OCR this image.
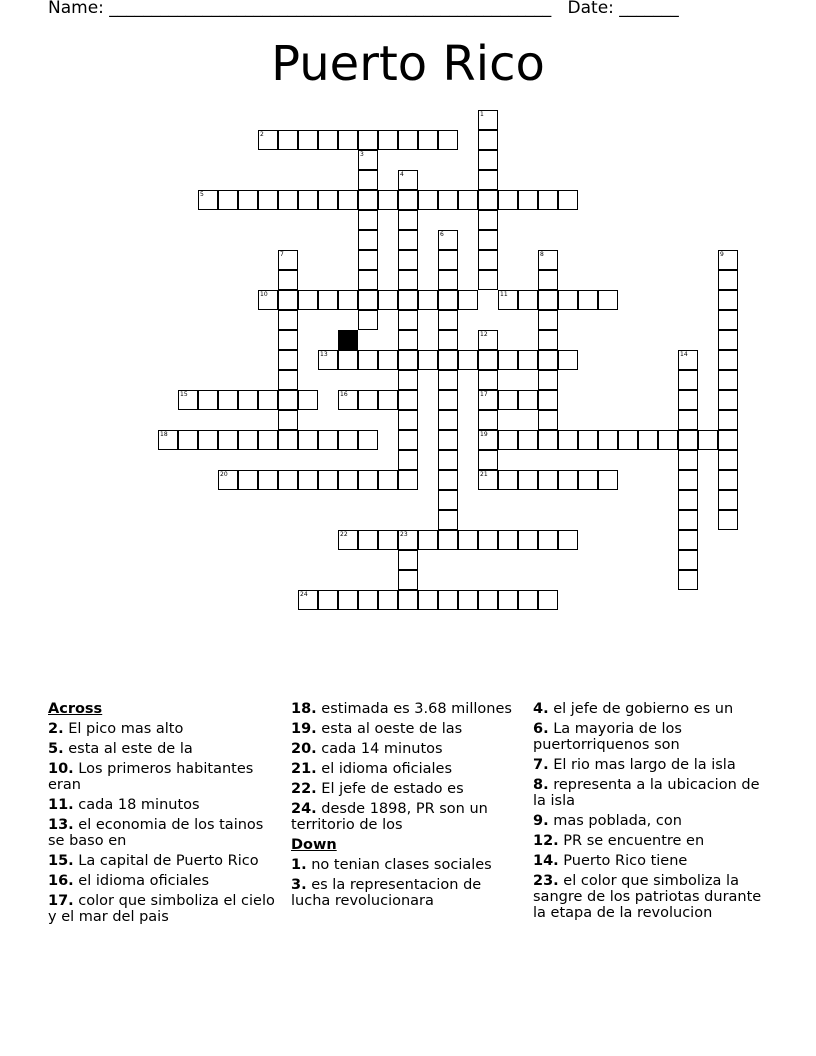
Name: ____________________________________________________ Date: _______
Puerto Rico
2
5
10	11
13
15	16	17
18	19
20	21
22	23
24
1
3
4
6
7	8	9
12
14
Across
2. El pico mas alto
5. esta al este de la
10. Los primeros habitantes eran
11. cada 18 minutos
13. el economia de los tainos se baso en
15. La capital de Puerto Rico
16. el idioma oficiales
17. color que simboliza el cielo y el mar del pais
18. estimada es 3.68 millones
19. esta al oeste de las
20. cada 14 minutos
21. el idioma oficiales
22. El jefe de estado es
24. desde 1898, PR son un territorio de los
Down
1. no tenian clases sociales
3. es la representacion de lucha revolucionara
4. el jefe de gobierno es un
6. La mayoria de los puertorriquenos son
7. El rio mas largo de la isla
8. representa a la ubicacion de la isla
9. mas poblada, con
12. PR se encuentre en
14. Puerto Rico tiene
23. el color que simboliza la sangre de los patriotas durante la etapa de la revolucion
